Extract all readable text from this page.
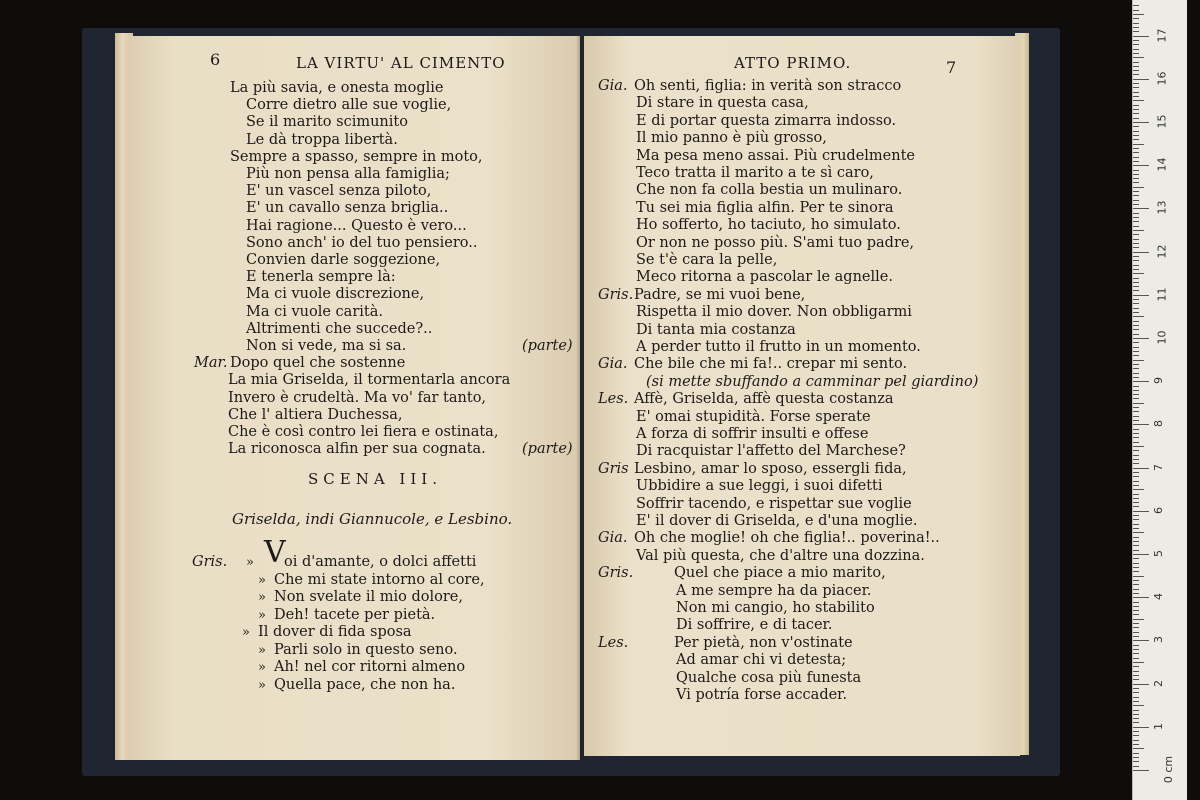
6	LA VIRTU' AL CIMENTO
La più savia, e onesta moglie
Corre dietro alle sue voglie,
Se il marito scimunito
Le dà troppa libertà.
Sempre a spasso, sempre in moto,
Più non pensa alla famiglia;
E' un vascel senza piloto,
E' un cavallo senza briglia..
Hai ragione... Questo è vero...
Sono anch' io del tuo pensiero..
Convien darle soggezione,
E tenerla sempre là:
Ma ci vuole discrezione,
Ma ci vuole carità.
Altrimenti che succede?..
Non si vede, ma si sa.	(parte)
Mar. Dopo quel che sostenne
La mia Griselda, il tormentarla ancora
Invero è crudeltà. Ma vo' far tanto,
Che l' altiera Duchessa,
Che è così contro lei fiera e ostinata,
La riconosca alfin per sua cognata.	(parte)
SCENA III.
Griselda, indi Giannucole, e Lesbino.
Gris. V
» oi d'amante, o dolci affetti
» Che mi state intorno al core,
» Non svelate il mio dolore,
» Deh! tacete per pietà.
» Il dover di fida sposa
» Parli solo in questo seno.
» Ah! nel cor ritorni almeno
» Quella pace, che non ha.
ATTO PRIMO.	7
Gia. Oh senti, figlia: in verità son stracco
Di stare in questa casa,
E di portar questa zimarra indosso.
Il mio panno è più grosso,
Ma pesa meno assai. Più crudelmente
Teco tratta il marito a te sì caro,
Che non fa colla bestia un mulinaro.
Tu sei mia figlia alfin. Per te sinora
Ho sofferto, ho taciuto, ho simulato.
Or non ne posso più. S'ami tuo padre,
Se t'è cara la pelle,
Meco ritorna a pascolar le agnelle.
Gris. Padre, se mi vuoi bene,
Rispetta il mio dover. Non obbligarmi
Di tanta mia costanza
A perder tutto il frutto in un momento.
Gia. Che bile che mi fa!.. crepar mi sento.
(si mette sbuffando a camminar pel giardino)
Les. Affè, Griselda, affè questa costanza
E' omai stupidità. Forse sperate
A forza di soffrir insulti e offese
Di racquistar l'affetto del Marchese?
Gris Lesbino, amar lo sposo, essergli fida,
Ubbidire a sue leggi, i suoi difetti
Soffrir tacendo, e rispettar sue voglie
E' il dover di Griselda, e d'una moglie.
Gia. Oh che moglie! oh che figlia!.. poverina!..
Val più questa, che d'altre una dozzina.
Gris.	Quel che piace a mio marito,
A me sempre ha da piacer.
Non mi cangio, ho stabilito
Di soffrire, e di tacer.
Les.	Per pietà, non v'ostinate
Ad amar chi vi detesta;
Qualche cosa più funesta
Vi potría forse accader.
0 cm
1
2
3
4
5
6
7
8
9
10
11
12
13
14
15
16
17
